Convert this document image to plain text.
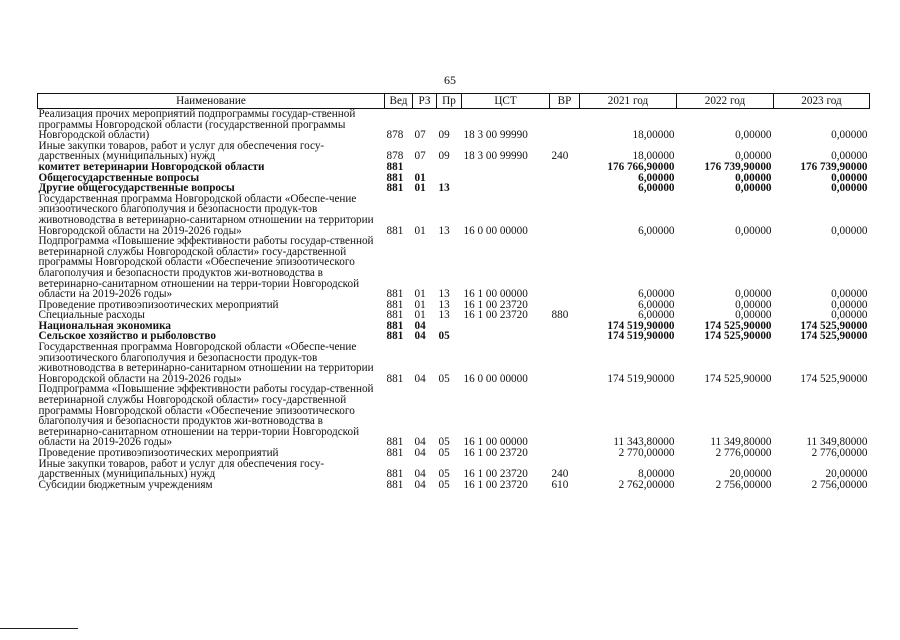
65
Наименование	Вед	РЗ	Пр	ЦСТ	ВР	2021 год	2022 год	2023 год
Реализация прочих мероприятий подпрограммы государ-ственной программы Новгородской области (государственной программы Новгородской области)	878	07	09	18 3 00 99990		18,00000	0,00000	0,00000
Иные закупки товаров, работ и услуг для обеспечения госу-дарственных (муниципальных) нужд	878	07	09	18 3 00 99990	240	18,00000	0,00000	0,00000
комитет ветеринарии Новгородской области	881					176 766,90000	176 739,90000	176 739,90000
Общегосударственные вопросы	881	01				6,00000	0,00000	0,00000
Другие общегосударственные вопросы	881	01	13			6,00000	0,00000	0,00000
Государственная программа Новгородской области «Обеспе-чение эпизоотического благополучия и безопасности продук-тов животноводства в ветеринарно-санитарном отношении на территории Новгородской области на 2019-2026 годы»	881	01	13	16 0 00 00000		6,00000	0,00000	0,00000
Подпрограмма «Повышение эффективности работы государ-ственной ветеринарной службы Новгородской области» госу-дарственной программы Новгородской области «Обеспечение эпизоотического благополучия и безопасности продуктов жи-вотноводства в ветеринарно-санитарном отношении на терри-тории Новгородской области на 2019-2026 годы»	881	01	13	16 1 00 00000		6,00000	0,00000	0,00000
Проведение противоэпизоотических мероприятий	881	01	13	16 1 00 23720		6,00000	0,00000	0,00000
Специальные расходы	881	01	13	16 1 00 23720	880	6,00000	0,00000	0,00000
Национальная экономика	881	04				174 519,90000	174 525,90000	174 525,90000
Сельское хозяйство и рыболовство	881	04	05			174 519,90000	174 525,90000	174 525,90000
Государственная программа Новгородской области «Обеспе-чение эпизоотического благополучия и безопасности продук-тов животноводства в ветеринарно-санитарном отношении на территории Новгородской области на 2019-2026 годы»	881	04	05	16 0 00 00000		174 519,90000	174 525,90000	174 525,90000
Подпрограмма «Повышение эффективности работы государ-ственной ветеринарной службы Новгородской области» госу-дарственной программы Новгородской области «Обеспечение эпизоотического благополучия и безопасности продуктов жи-вотноводства в ветеринарно-санитарном отношении на терри-тории Новгородской области на 2019-2026 годы»	881	04	05	16 1 00 00000		11 343,80000	11 349,80000	11 349,80000
Проведение противоэпизоотических мероприятий	881	04	05	16 1 00 23720		2 770,00000	2 776,00000	2 776,00000
Иные закупки товаров, работ и услуг для обеспечения госу-дарственных (муниципальных) нужд	881	04	05	16 1 00 23720	240	8,00000	20,00000	20,00000
Субсидии бюджетным учреждениям	881	04	05	16 1 00 23720	610	2 762,00000	2 756,00000	2 756,00000
